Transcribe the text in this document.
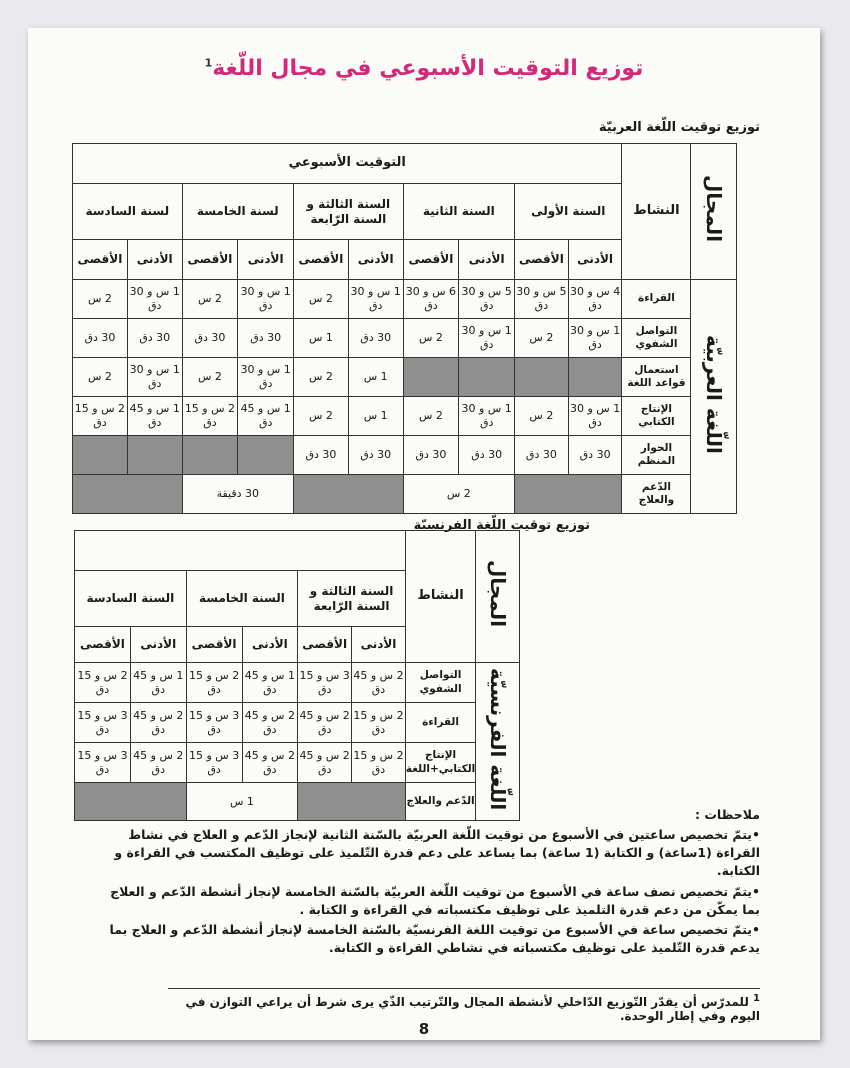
توزيع التوقيت الأسبوعي في مجال اللّغة$^1$
توزيع توقيت اللّغة العربيّة
المجال	النشاط	التوقيت الأسبوعي									
		السنة الأولى		السنة الثانية		السنة الثالثة و السنة الرّابعة		لسنة الخامسة		لسنة السادسة	
		الأدنى	الأقصى	الأدنى	الأقصى	الأدنى	الأقصى	الأدنى	الأقصى	الأدنى	الأقصى
اللّغة العربيّة	القراءة	4 س و 30 دق	5 س و 30 دق	5 س و 30 دق	6 س و 30 دق	1 س و 30 دق	2 س	1 س و 30 دق	2 س	1 س و 30 دق	2 س
	التواصل الشفوي	1 س و 30 دق	2 س	1 س و 30 دق	2 س	30 دق	1 س	30 دق	30 دق	30 دق	30 دق
	استعمال قواعد اللغة					1 س	2 س	1 س و 30 دق	2 س	1 س و 30 دق	2 س
	الإنتاج الكتابي	1 س و 30 دق	2 س	1 س و 30 دق	2 س	1 س	2 س	1 س و 45 دق	2 س و 15 دق	1 س و 45 دق	2 س و 15 دق
	الحوار المنظم	30 دق	30 دق	30 دق	30 دق	30 دق	30 دق				
	الدّعم والعلاج			2 س				30 دقيقة			
توزيع توقيت اللّغة الفرنسيّة
المجال	النشاط						
		السنة الثالثة و السنة الرّابعة		السنة الخامسة		السنة السادسة	
		الأدنى	الأقصى	الأدنى	الأقصى	الأدنى	الأقصى
اللّغة الفرنسيّة	التواصل الشفوي	2 س و 45 دق	3 س و 15 دق	1 س و 45 دق	2 س و 15 دق	1 س و 45 دق	2 س و 15 دق
	القراءة	2 س و 15 دق	2 س و 45 دق	2 س و 45 دق	3 س و 15 دق	2 س و 45 دق	3 س و 15 دق
	الإنتاج الكتابي+اللغة	2 س و 15 دق	2 س و 45 دق	2 س و 45 دق	3 س و 15 دق	2 س و 45 دق	3 س و 15 دق
	الدّعم والعلاج			1 س			

ملاحظات :

•يتمّ تخصيص ساعتين في الأسبوع من توقيت اللّغة العربيّة بالسّنة الثانية لإنجاز الدّعم و العلاج في نشاط القراءة (1ساعة) و الكتابة (1 ساعة) بما يساعد على دعم قدرة التّلميذ على توظيف المكتسب في القراءة و الكتابة.

•يتمّ تخصيص نصف ساعة في الأسبوع من توقيت اللّغة العربيّة بالسّنة الخامسة لإنجاز أنشطة الدّعم و العلاج بما يمكّن من دعم قدرة التلميذ على توظيف مكتسباته في القراءة و الكتابة .

•يتمّ تخصيص ساعة في الأسبوع من توقيت اللغة الفرنسيّة بالسّنة الخامسة لإنجاز أنشطة الدّعم و العلاج بما يدعم قدرة التّلميذ على توظيف مكتسباته في نشاطي القراءة و الكتابة.

$^1$ للمدرّس أن يقدّر التّوزيع الدّاخلي لأنشطة المجال والتّرتيب الذّي يرى شرط أن يراعي التوازن في اليوم وفي إطار الوحدة.
8
